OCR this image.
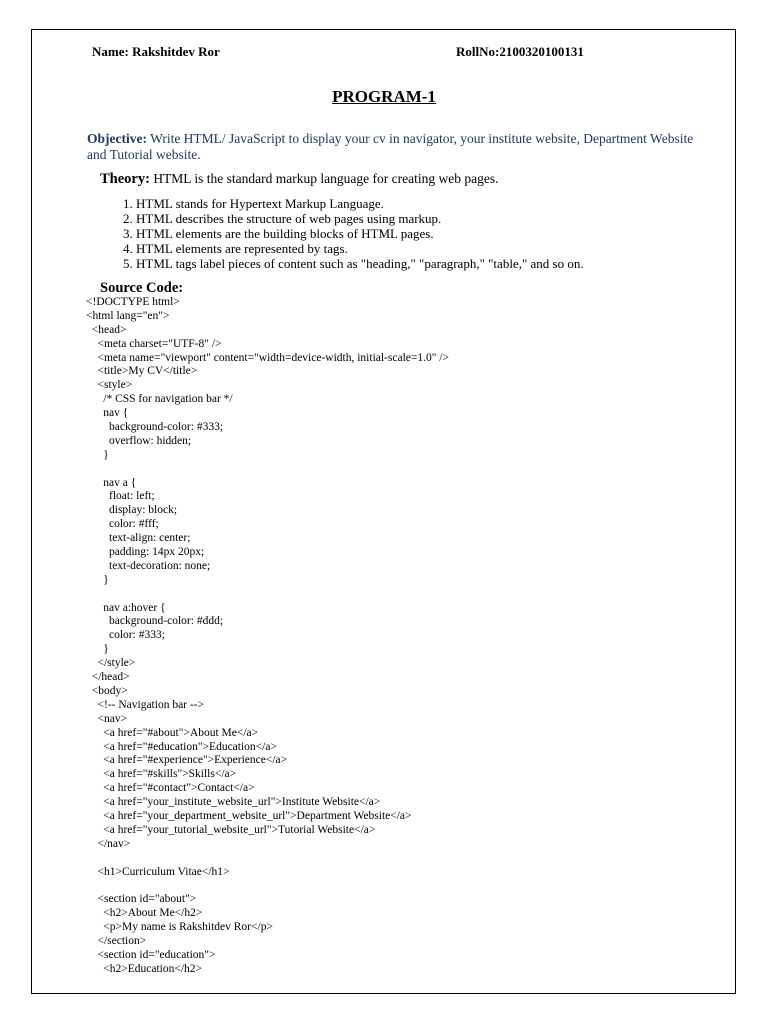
Name: Rakshitdev Ror	RollNo:2100320100131
PROGRAM-1
Objective: Write HTML/ JavaScript to display your cv in navigator, your institute website, Department Website and Tutorial website.
Theory: HTML is the standard markup language for creating web pages.
1. HTML stands for Hypertext Markup Language.
2. HTML describes the structure of web pages using markup.
3. HTML elements are the building blocks of HTML pages.
4. HTML elements are represented by tags.
5. HTML tags label pieces of content such as "heading," "paragraph," "table," and so on.
Source Code:
<!DOCTYPE html>
<html lang="en">
<head>
<meta charset="UTF-8" />
<meta name="viewport" content="width=device-width, initial-scale=1.0" />
<title>My CV</title>
<style>
/* CSS for navigation bar */
nav {
background-color: #333;
overflow: hidden;
}
nav a {
float: left;
display: block;
color: #fff;
text-align: center;
padding: 14px 20px;
text-decoration: none;
}
nav a:hover {
background-color: #ddd;
color: #333;
}
</style>
</head>
<body>
<!-- Navigation bar -->
<nav>
<a href="#about">About Me</a>
<a href="#education">Education</a>
<a href="#experience">Experience</a>
<a href="#skills">Skills</a>
<a href="#contact">Contact</a>
<a href="your_institute_website_url">Institute Website</a>
<a href="your_department_website_url">Department Website</a>
<a href="your_tutorial_website_url">Tutorial Website</a>
</nav>
<h1>Curriculum Vitae</h1>
<section id="about">
<h2>About Me</h2>
<p>My name is Rakshitdev Ror</p>
</section>
<section id="education">
<h2>Education</h2>
